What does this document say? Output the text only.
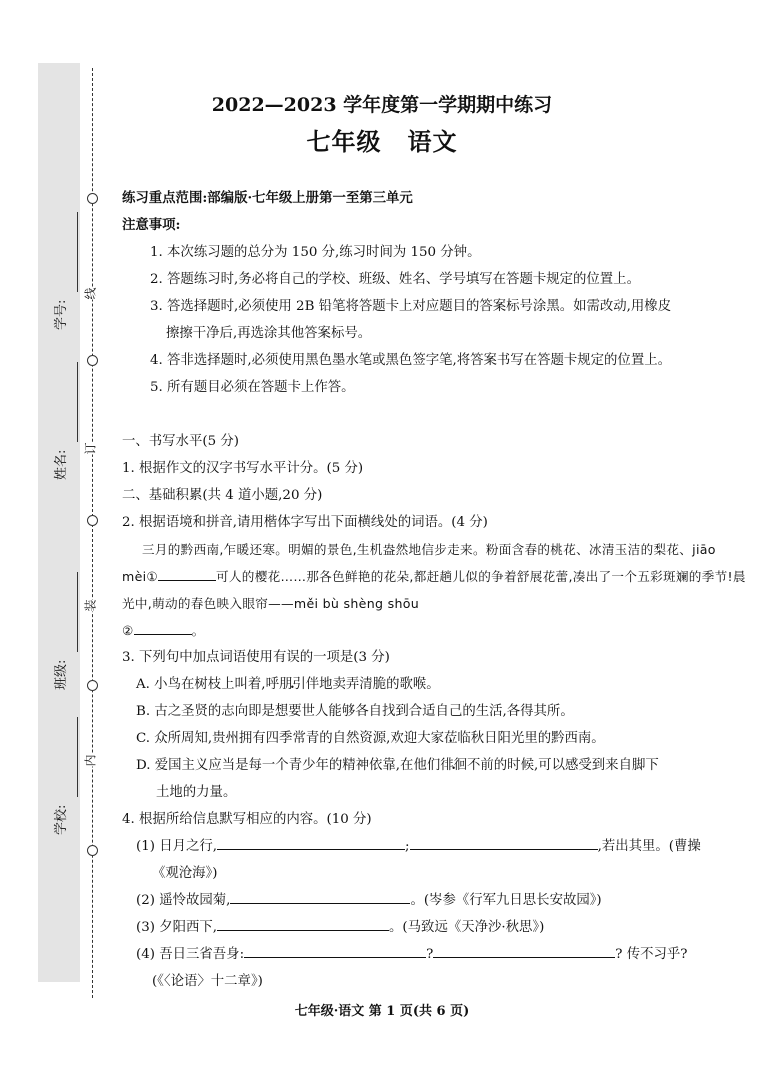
学号:
姓名:
班级:
学校:
线
订
装
内
2022—2023 学年度第一学期期中练习
七年级 语文

练习重点范围:部编版·七年级上册第一至第三单元

注意事项:

1. 本次练习题的总分为 150 分,练习时间为 150 分钟。

2. 答题练习时,务必将自己的学校、班级、姓名、学号填写在答题卡规定的位置上。

3. 答选择题时,必须使用 2B 铅笔将答题卡上对应题目的答案标号涂黑。如需改动,用橡皮

擦擦干净后,再选涂其他答案标号。

4. 答非选择题时,必须使用黑色墨水笔或黑色签字笔,将答案书写在答题卡规定的位置上。

5. 所有题目必须在答题卡上作答。

一、书写水平(5 分)

1. 根据作文的汉字书写水平计分。(5 分)

二、基础积累(共 4 道小题,20 分)

2. 根据语境和拼音,请用楷体字写出下面横线处的词语。(4 分)

三月的黔西南,乍暖还寒。明媚的景色,生机盎然地信步走来。粉面含春的桃花、冰清玉洁的梨花、jiāo mèi①	可人的樱花……那各色鲜艳的花朵,都赶趟儿似的争着舒展花蕾,凑出了一个五彩斑斓的季节!晨光中,萌动的春色映入眼帘——měi bù shèng shōu
②	。

3. 下列句中加点词语使用有误的一项是(3 分)

A. 小鸟在树枝上叫着,呼朋引 •伴地卖弄清脆的歌喉。

B. 古之圣贤的志向即是想要世人能够各自找到合适自己的生活,各得其所。

C. 众所周知,贵州拥有四季常青的自然资源,欢迎大家莅 •临秋日阳光里的黔西南。

D. 爱国主义应当是每一个青少年的精神依靠,在他们徘徊 •不前的时候,可以感受到来自脚下

土地的力量。

4. 根据所给信息默写相应的内容。(10 分)

(1) 日月之行,	;	,若出其里。(曹操

《观沧海》)

(2) 遥怜故园菊,	。(岑参《行军九日思长安故园》)

(3) 夕阳西下,	。(马致远《天净沙·秋思》)

(4) 吾日三省吾身:	?	? 传不习乎?

(《〈论语〉十二章》)

七年级·语文 第 1 页(共 6 页)
